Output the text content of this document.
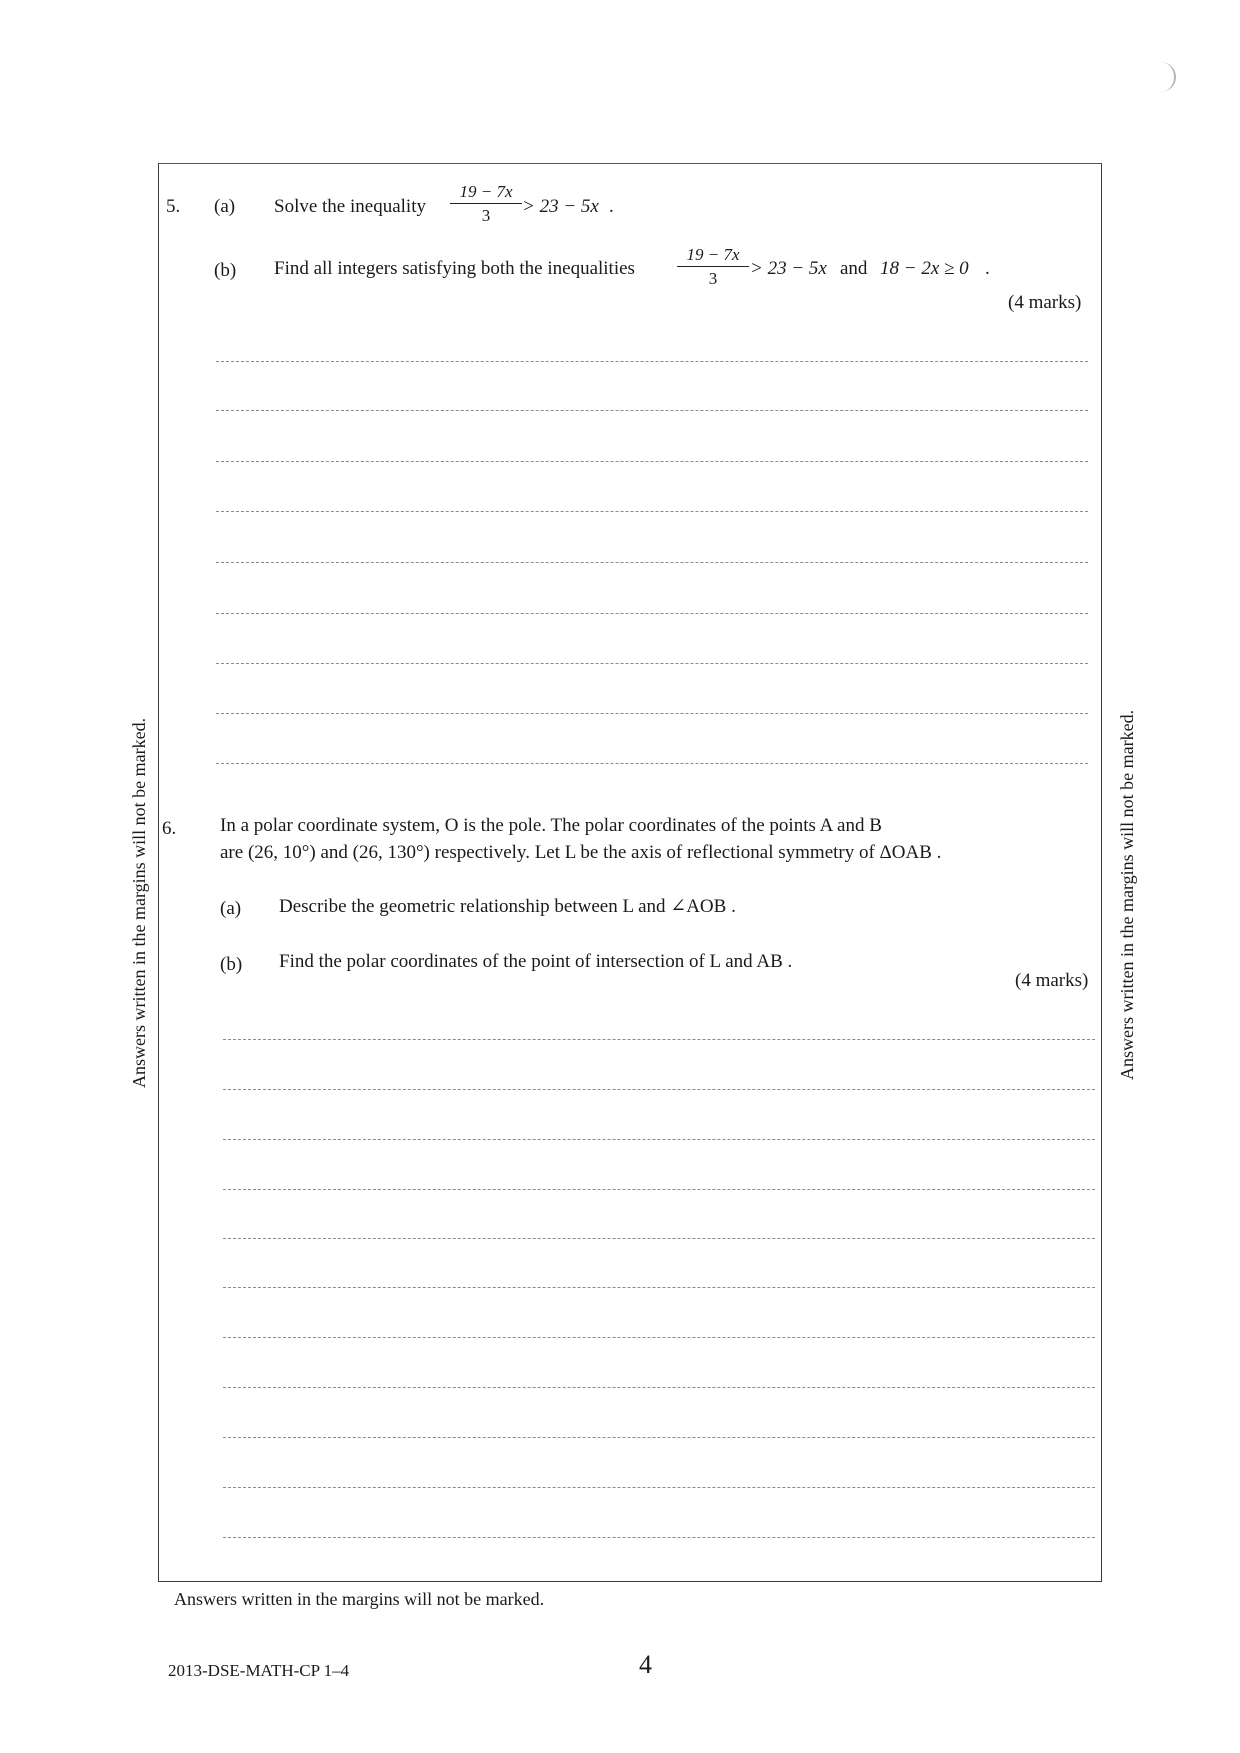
5. (a) Solve the inequality
19 − 7x
3	> 23 − 5x .
(b) Find all integers satisfying both the inequalities
19 − 7x
3	> 23 − 5x and 18 − 2x ≥ 0 .
(4 marks)
6. In a polar coordinate system, O is the pole. The polar coordinates of the points A and B
are (26, 10°) and (26, 130°) respectively. Let L be the axis of reflectional symmetry of ΔOAB .
(a) Describe the geometric relationship between L and ∠AOB .
(b) Find the polar coordinates of the point of intersection of L and AB .
(4 marks)
Answers written in the margins will not be marked.	Answers written in the margins will not be marked.
Answers written in the margins will not be marked.
2013-DSE-MATH-CP 1–4	4
